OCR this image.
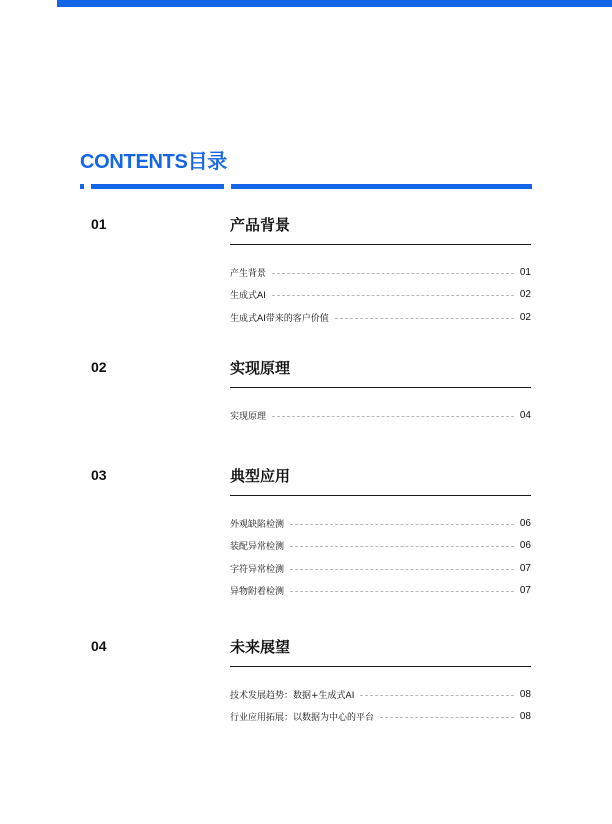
CONTENTS目录
01	产品背景
产生背景	01
生成式AI	02
生成式AI带来的客户价值	02
02	实现原理
实现原理	04
03	典型应用
外观缺陷检测	06
装配异常检测	06
字符异常检测	07
异物附着检测	07
04	未来展望
技术发展趋势：数据+生成式AI	08
行业应用拓展：以数据为中心的平台	08
